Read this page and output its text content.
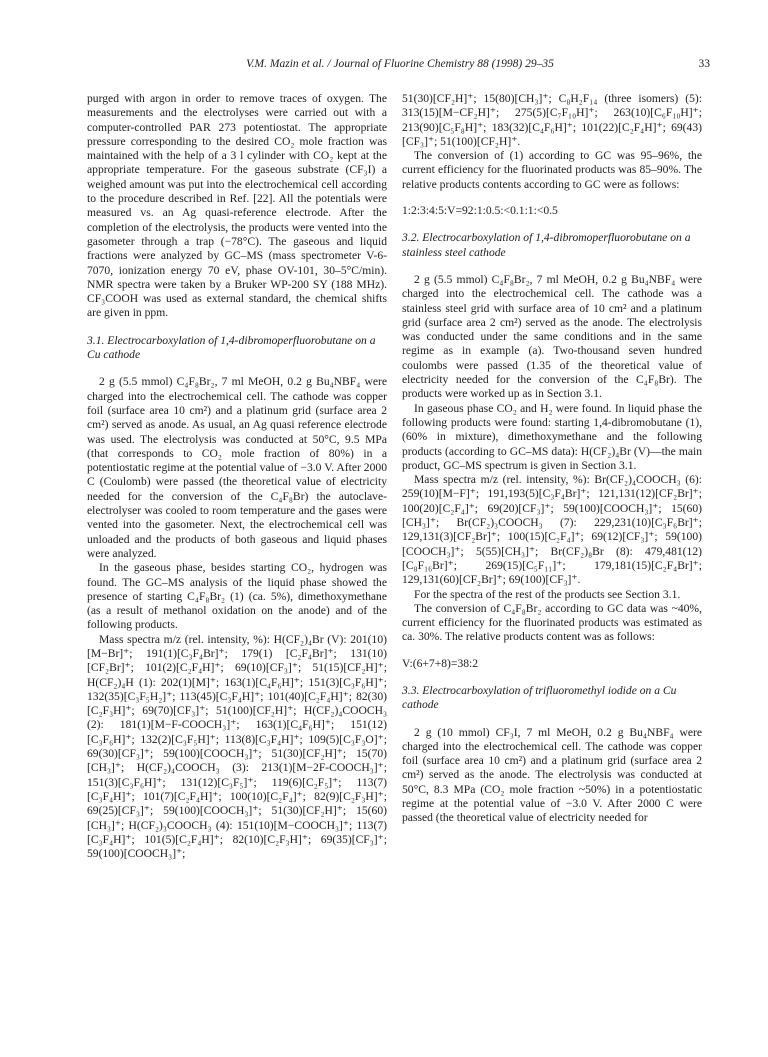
V.M. Mazin et al. / Journal of Fluorine Chemistry 88 (1998) 29–35	33

purged with argon in order to remove traces of oxygen. The measurements and the electrolyses were carried out with a computer-controlled PAR 273 potentiostat. The appropriate pressure corresponding to the desired CO₂ mole fraction was maintained with the help of a 3 l cylinder with CO₂ kept at the appropriate temperature. For the gaseous substrate (CF₃I) a weighed amount was put into the electrochemical cell according to the procedure described in Ref. [22]. All the potentials were measured vs. an Ag quasi-reference electrode. After the completion of the electrolysis, the products were vented into the gasometer through a trap (−78°C). The gaseous and liquid fractions were analyzed by GC–MS (mass spectrometer V-6-7070, ionization energy 70 eV, phase OV-101, 30–5°C/min). NMR spectra were taken by a Bruker WP-200 SY (188 MHz). CF₃COOH was used as external standard, the chemical shifts are given in ppm.

3.1. Electrocarboxylation of 1,4-dibromoperfluorobutane on a Cu cathode

2 g (5.5 mmol) C₄F₈Br₂, 7 ml MeOH, 0.2 g Bu₄NBF₄ were charged into the electrochemical cell. The cathode was copper foil (surface area 10 cm²) and a platinum grid (surface area 2 cm²) served as anode. As usual, an Ag quasi reference electrode was used. The electrolysis was conducted at 50°C, 9.5 MPa (that corresponds to CO₂ mole fraction of 80%) in a potentiostatic regime at the potential value of −3.0 V. After 2000 C (Coulomb) were passed (the theoretical value of electricity needed for the conversion of the C₄F₈Br) the autoclave-electrolyser was cooled to room temperature and the gases were vented into the gasometer. Next, the electrochemical cell was unloaded and the products of both gaseous and liquid phases were analyzed.

In the gaseous phase, besides starting CO₂, hydrogen was found. The GC–MS analysis of the liquid phase showed the presence of starting C₄F₈Br₂ (1) (ca. 5%), dimethoxymethane (as a result of methanol oxidation on the anode) and of the following products.

Mass spectra m/z (rel. intensity, %): H(CF₂)₄Br (V): 201(10)[M−Br]⁺; 191(1)[C₃F₄Br]⁺; 179(1) [C₂F₄Br]⁺; 131(10)[CF₂Br]⁺; 101(2)[C₂F₄H]⁺; 69(10)[CF₃]⁺; 51(15)[CF₂H]⁺; H(CF₂)₄H (1): 202(1)[M]⁺; 163(1)[C₄F₆H]⁺; 151(3)[C₃F₆H]⁺; 132(35)[C₃F₅H₂]⁺; 113(45)[C₃F₄H]⁺; 101(40)[C₂F₄H]⁺; 82(30)[C₂F₃H]⁺; 69(70)[CF₃]⁺; 51(100)[CF₂H]⁺; H(CF₂)₄COOCH₃ (2): 181(1)[M−F-COOCH₃]⁺; 163(1)[C₄F₆H]⁺; 151(12)[C₃F₆H]⁺; 132(2)[C₃F₅H]⁺; 113(8)[C₃F₄H]⁺; 109(5)[C₃F₃O]⁺; 69(30)[CF₃]⁺; 59(100)[COOCH₃]⁺; 51(30)[CF₂H]⁺; 15(70)[CH₃]⁺; H(CF₂)₄COOCH₃ (3): 213(1)[M−2F-COOCH₃]⁺; 151(3)[C₃F₆H]⁺; 131(12)[C₃F₅]⁺; 119(6)[C₂F₅]⁺; 113(7)[C₃F₄H]⁺; 101(7)[C₂F₄H]⁺; 100(10)[C₂F₄]⁺; 82(9)[C₂F₃H]⁺; 69(25)[CF₃]⁺; 59(100)[COOCH₃]⁺; 51(30)[CF₂H]⁺; 15(60) [CH₃]⁺; H(CF₂)₃COOCH₃ (4): 151(10)[M−COOCH₃]⁺; 113(7)[C₃F₄H]⁺; 101(5)[C₂F₄H]⁺; 82(10)[C₂F₃H]⁺; 69(35)[CF₃]⁺; 59(100)[COOCH₃]⁺;

51(30)[CF₂H]⁺; 15(80)[CH₃]⁺; C₈H₂F₁₄ (three isomers) (5): 313(15)[M−CF₂H]⁺; 275(5)[C₇F₁₀H]⁺; 263(10)[C₆F₁₀H]⁺; 213(90)[C₅F₈H]⁺; 183(32)[C₄F₆H]⁺; 101(22)[C₂F₄H]⁺; 69(43)[CF₃]⁺; 51(100)[CF₂H]⁺.

The conversion of (1) according to GC was 95–96%, the current efficiency for the fluorinated products was 85–90%. The relative products contents according to GC were as follows:

1:2:3:4:5:V=92:1:0.5:<0.1:1:<0.5

3.2. Electrocarboxylation of 1,4-dibromoperfluorobutane on a stainless steel cathode

2 g (5.5 mmol) C₄F₈Br₂, 7 ml MeOH, 0.2 g Bu₄NBF₄ were charged into the electrochemical cell. The cathode was a stainless steel grid with surface area of 10 cm² and a platinum grid (surface area 2 cm²) served as the anode. The electrolysis was conducted under the same conditions and in the same regime as in example (a). Two-thousand seven hundred coulombs were passed (1.35 of the theoretical value of electricity needed for the conversion of the C₄F₈Br). The products were worked up as in Section 3.1.

In gaseous phase CO₂ and H₂ were found. In liquid phase the following products were found: starting 1,4-dibromobutane (1), (60% in mixture), dimethoxymethane and the following products (according to GC–MS data): H(CF₂)₄Br (V)—the main product, GC–MS spectrum is given in Section 3.1.

Mass spectra m/z (rel. intensity, %): Br(CF₂)₄COOCH₃ (6): 259(10)[M−F]⁺; 191,193(5)[C₃F₄Br]⁺; 121,131(12)[CF₂Br]⁺; 100(20)[C₂F₄]⁺; 69(20)[CF₃]⁺; 59(100)[COOCH₃]⁺; 15(60)[CH₃]⁺; Br(CF₂)₃COOCH₃ (7): 229,231(10)[C₃F₆Br]⁺; 129,131(3)[CF₂Br]⁺; 100(15)[C₂F₄]⁺; 69(12)[CF₃]⁺; 59(100)[COOCH₃]⁺; 5(55)[CH₃]⁺; Br(CF₂)₈Br (8): 479,481(12)[C₈F₁₆Br]⁺; 269(15)[C₅F₁₁]⁺; 179,181(15)[C₂F₄Br]⁺; 129,131(60)[CF₂Br]⁺; 69(100)[CF₃]⁺.

For the spectra of the rest of the products see Section 3.1.

The conversion of C₄F₈Br₂ according to GC data was ~40%, current efficiency for the fluorinated products was estimated as ca. 30%. The relative products content was as follows:

V:(6+7+8)=38:2

3.3. Electrocarboxylation of trifluoromethyl iodide on a Cu cathode

2 g (10 mmol) CF₃I, 7 ml MeOH, 0.2 g Bu₄NBF₄ were charged into the electrochemical cell. The cathode was copper foil (surface area 10 cm²) and a platinum grid (surface area 2 cm²) served as the anode. The electrolysis was conducted at 50°C, 8.3 MPa (CO₂ mole fraction ~50%) in a potentiostatic regime at the potential value of −3.0 V. After 2000 C were passed (the theoretical value of electricity needed for
